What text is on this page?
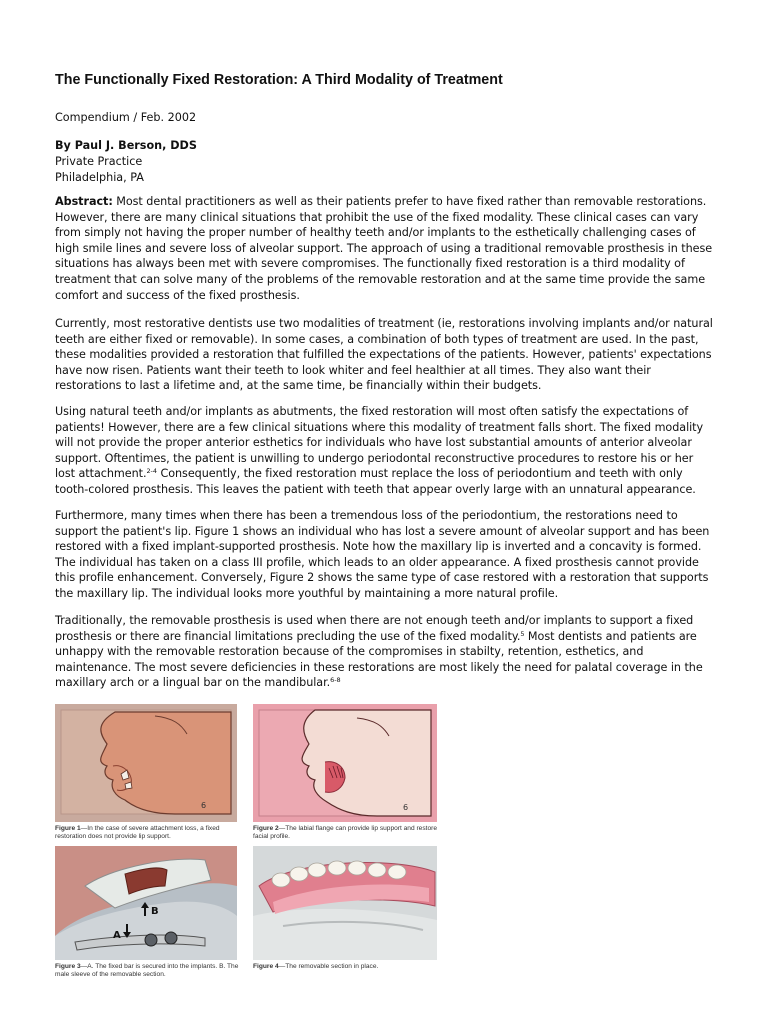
The Functionally Fixed Restoration: A Third Modality of Treatment
Compendium / Feb. 2002
By Paul J. Berson, DDS
Private Practice
Philadelphia, PA

Abstract: Most dental practitioners as well as their patients prefer to have fixed rather than removable restorations. However, there are many clinical situations that prohibit the use of the fixed modality. These clinical cases can vary from simply not having the proper number of healthy teeth and/or implants to the esthetically challenging cases of high smile lines and severe loss of alveolar support. The approach of using a traditional removable prosthesis in these situations has always been met with severe compromises. The functionally fixed restoration is a third modality of treatment that can solve many of the problems of the removable restoration and at the same time provide the same comfort and success of the fixed prosthesis.

Currently, most restorative dentists use two modalities of treatment (ie, restorations involving implants and/or natural teeth are either fixed or removable). In some cases, a combination of both types of treatment are used. In the past, these modalities provided a restoration that fulfilled the expectations of the patients. However, patients' expectations have now risen. Patients want their teeth to look whiter and feel healthier at all times. They also want their restorations to last a lifetime and, at the same time, be financially within their budgets.

Using natural teeth and/or implants as abutments, the fixed restoration will most often satisfy the expectations of patients! However, there are a few clinical situations where this modality of treatment falls short. The fixed modality will not provide the proper anterior esthetics for individuals who have lost substantial amounts of anterior alveolar support. Oftentimes, the patient is unwilling to undergo periodontal reconstructive procedures to restore his or her lost attachment.$^{2-4}$ Consequently, the fixed restoration must replace the loss of periodontium and teeth with only tooth-colored prosthesis. This leaves the patient with teeth that appear overly large with an unnatural appearance.

Furthermore, many times when there has been a tremendous loss of the periodontium, the restorations need to support the patient's lip. Figure 1 shows an individual who has lost a severe amount of alveolar support and has been restored with a fixed implant-supported prosthesis. Note how the maxillary lip is inverted and a concavity is formed. The individual has taken on a class III profile, which leads to an older appearance. A fixed prosthesis cannot provide this profile enhancement. Conversely, Figure 2 shows the same type of case restored with a restoration that supports the maxillary lip. The individual looks more youthful by maintaining a more natural profile.

Traditionally, the removable prosthesis is used when there are not enough teeth and/or implants to support a fixed prosthesis or there are financial limitations precluding the use of the fixed modality.$^5$ Most dentists and patients are unhappy with the removable restoration because of the compromises in stabilty, retention, esthetics, and maintenance. The most severe deficiencies in these restorations are most likely the need for palatal coverage in the maxillary arch or a lingual bar on the mandibular.$^{6-8}$

6
Figure 1—In the case of severe attachment loss, a fixed restoration does not provide lip support.
6
Figure 2—The labial flange can provide lip support and restore facial profile.
B
A
Figure 3—A. The fixed bar is secured into the implants. B. The male sleeve of the removable section.
Figure 4—The removable section in place.
